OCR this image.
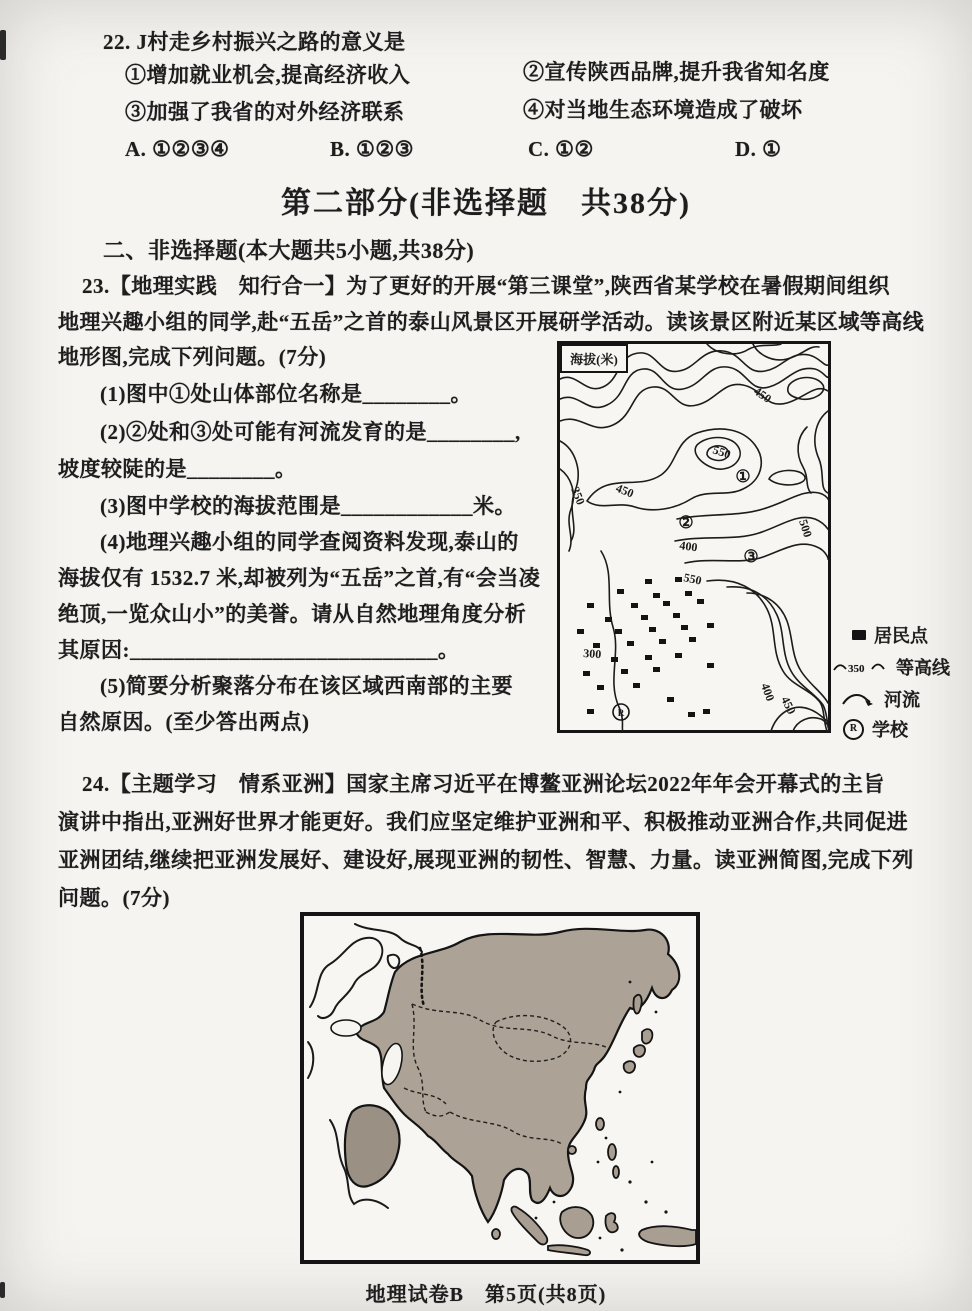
22. J村走乡村振兴之路的意义是
①增加就业机会,提高经济收入	②宣传陕西品牌,提升我省知名度
③加强了我省的对外经济联系	④对当地生态环境造成了破坏
A. ①②③④	B. ①②③	C. ①②	D. ①
第二部分(非选择题　共38分)
二、非选择题(本大题共5小题,共38分)
23.【地理实践　知行合一】为了更好的开展“第三课堂”,陕西省某学校在暑假期间组织
地理兴趣小组的同学,赴“五岳”之首的泰山风景区开展研学活动。读该景区附近某区域等高线
地形图,完成下列问题。(7分)
(1)图中①处山体部位名称是________。
(2)②处和③处可能有河流发育的是________,
坡度较陡的是________。
(3)图中学校的海拔范围是____________米。
(4)地理兴趣小组的同学查阅资料发现,泰山的
海拔仅有 1532.7 米,却被列为“五岳”之首,有“会当凌
绝顶,一览众山小”的美誉。请从自然地理角度分析
其原因:____________________________。
(5)简要分析聚落分布在该区域西南部的主要
自然原因。(至少答出两点)	R
海拔(米)
450
550
350 450
400
500
550
300
400
450
①
②
③
居民点
350 等高线
河流
R 学校
24.【主题学习　情系亚洲】国家主席习近平在博鳌亚洲论坛2022年年会开幕式的主旨
演讲中指出,亚洲好世界才能更好。我们应坚定维护亚洲和平、积极推动亚洲合作,共同促进
亚洲团结,继续把亚洲发展好、建设好,展现亚洲的韧性、智慧、力量。读亚洲简图,完成下列
问题。(7分)
地理试卷B　第5页(共8页)
